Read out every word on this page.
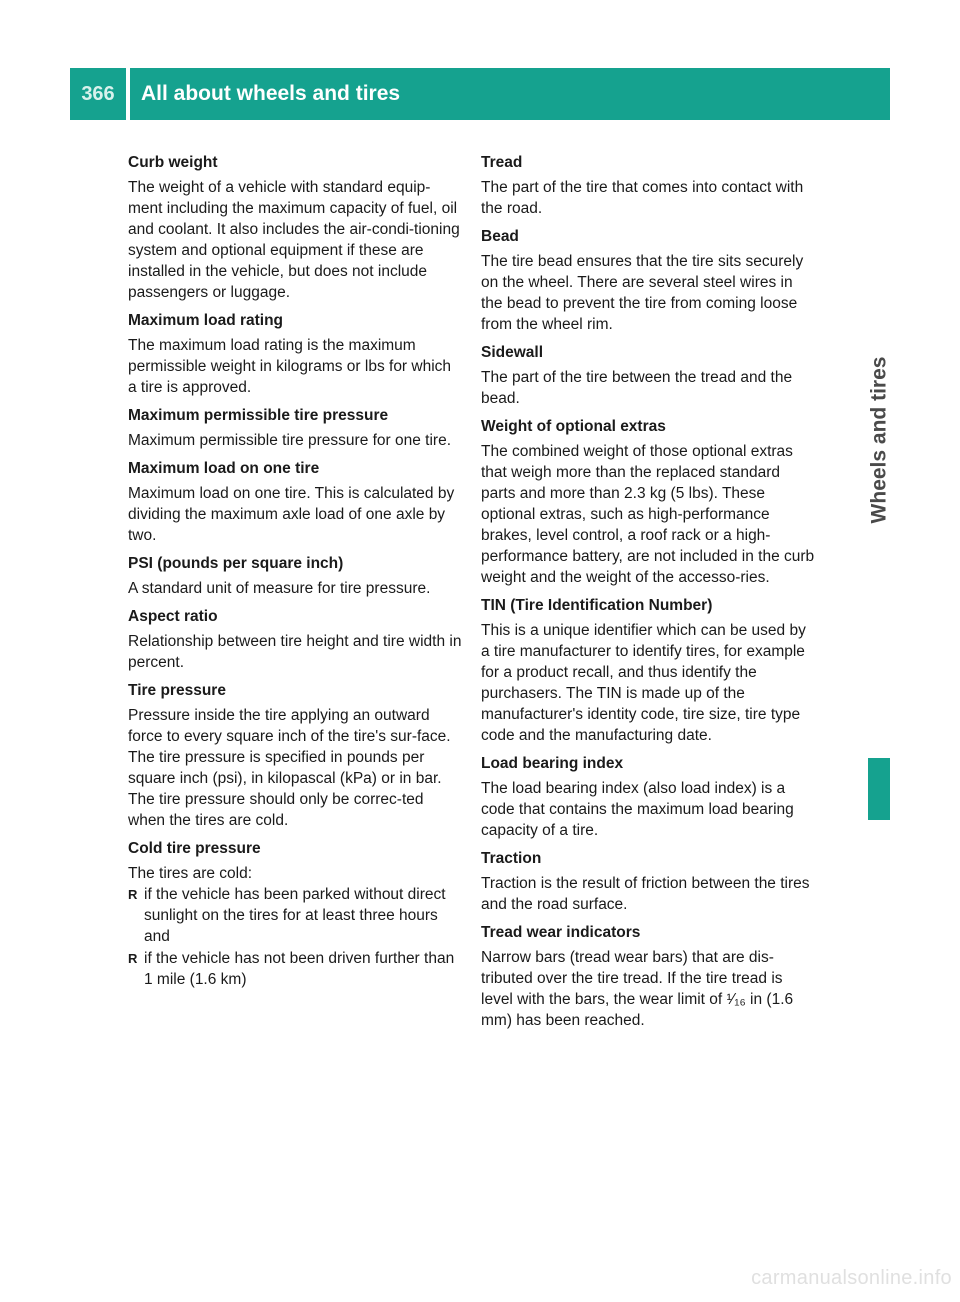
366	All about wheels and tires
Wheels and tires

Curb weight

The weight of a vehicle with standard equip-ment including the maximum capacity of fuel, oil and coolant. It also includes the air-condi-tioning system and optional equipment if these are installed in the vehicle, but does not include passengers or luggage.

Maximum load rating

The maximum load rating is the maximum permissible weight in kilograms or lbs for which a tire is approved.

Maximum permissible tire pressure

Maximum permissible tire pressure for one tire.

Maximum load on one tire

Maximum load on one tire. This is calculated by dividing the maximum axle load of one axle by two.

PSI (pounds per square inch)

A standard unit of measure for tire pressure.

Aspect ratio

Relationship between tire height and tire width in percent.

Tire pressure

Pressure inside the tire applying an outward force to every square inch of the tire's sur-face. The tire pressure is specified in pounds per square inch (psi), in kilopascal (kPa) or in bar. The tire pressure should only be correc-ted when the tires are cold.

Cold tire pressure

The tires are cold:

R if the vehicle has been parked without direct sunlight on the tires for at least three hours and
R if the vehicle has not been driven further than 1 mile (1.6 km)

Tread

The part of the tire that comes into contact with the road.

Bead

The tire bead ensures that the tire sits securely on the wheel. There are several steel wires in the bead to prevent the tire from coming loose from the wheel rim.

Sidewall

The part of the tire between the tread and the bead.

Weight of optional extras

The combined weight of those optional extras that weigh more than the replaced standard parts and more than 2.3 kg (5 lbs). These optional extras, such as high-performance brakes, level control, a roof rack or a high-performance battery, are not included in the curb weight and the weight of the accesso-ries.

TIN (Tire Identification Number)

This is a unique identifier which can be used by a tire manufacturer to identify tires, for example for a product recall, and thus identify the purchasers. The TIN is made up of the manufacturer's identity code, tire size, tire type code and the manufacturing date.

Load bearing index

The load bearing index (also load index) is a code that contains the maximum load bearing capacity of a tire.

Traction

Traction is the result of friction between the tires and the road surface.

Tread wear indicators

Narrow bars (tread wear bars) that are dis-tributed over the tire tread. If the tire tread is level with the bars, the wear limit of ¹⁄₁₆ in (1.6 mm) has been reached.

carmanualsonline.info
